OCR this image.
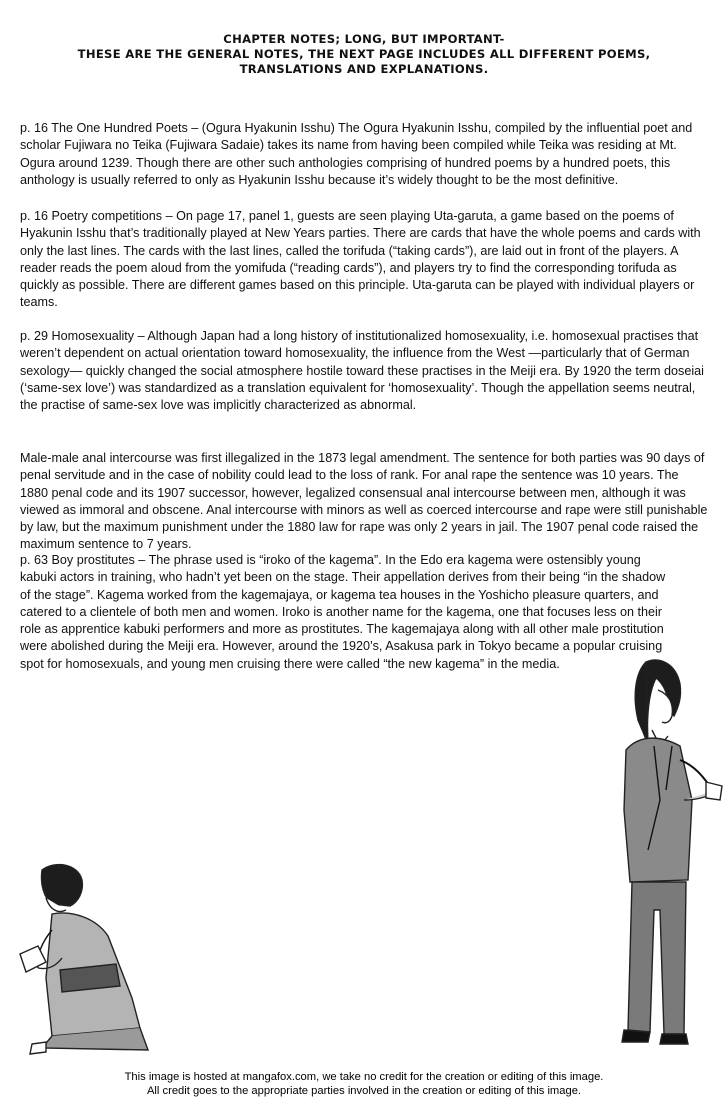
CHAPTER NOTES; LONG, BUT IMPORTANT-
THESE ARE THE GENERAL NOTES, THE NEXT PAGE INCLUDES ALL DIFFERENT POEMS,
TRANSLATIONS AND EXPLANATIONS.

p. 16 The One Hundred Poets – (Ogura Hyakunin Isshu) The Ogura Hyakunin Isshu, compiled by the influential poet and scholar Fujiwara no Teika (Fujiwara Sadaie) takes its name from having been compiled while Teika was residing at Mt. Ogura around 1239. Though there are other such anthologies comprising of hundred poems by a hundred poets, this anthology is usually referred to only as Hyakunin Isshu because it’s widely thought to be the most definitive.

p. 16 Poetry competitions – On page 17, panel 1, guests are seen playing Uta-garuta, a game based on the poems of Hyakunin Isshu that’s traditionally played at New Years parties. There are cards that have the whole poems and cards with only the last lines. The cards with the last lines, called the torifuda (“taking cards”), are laid out in front of the players. A reader reads the poem aloud from the yomifuda (“reading cards”), and players try to find the corresponding torifuda as quickly as possible. There are different games based on this principle. Uta-garuta can be played with individual players or teams.

p. 29 Homosexuality – Although Japan had a long history of institutionalized homosexuality, i.e. homosexual practises that weren’t dependent on actual orientation toward homosexuality, the influence from the West —particularly that of German sexology— quickly changed the social atmosphere hostile toward these practises in the Meiji era. By 1920 the term doseiai (‘same-sex love’) was standardized as a translation equivalent for ‘homosexuality’. Though the appellation seems neutral, the practise of same-sex love was implicitly characterized as abnormal.

Male-male anal intercourse was first illegalized in the 1873 legal amendment. The sentence for both parties was 90 days of penal servitude and in the case of nobility could lead to the loss of rank. For anal rape the sentence was 10 years. The 1880 penal code and its 1907 successor, however, legalized consensual anal intercourse between men, although it was viewed as immoral and obscene. Anal intercourse with minors as well as coerced intercourse and rape were still punishable by law, but the maximum punishment under the 1880 law for rape was only 2 years in jail. The 1907 penal code raised the maximum sentence to 7 years.

p. 63 Boy prostitutes – The phrase used is “iroko of the kagema”. In the Edo era kagema were ostensibly young kabuki actors in training, who hadn’t yet been on the stage. Their appellation derives from their being “in the shadow of the stage”. Kagema worked from the kagemajaya, or kagema tea houses in the Yoshicho pleasure quarters, and catered to a clientele of both men and women. Iroko is another name for the kagema, one that focuses less on their role as apprentice kabuki performers and more as prostitutes. The kagemajaya along with all other male prostitution were abolished during the Meiji era. However, around the 1920’s, Asakusa park in Tokyo became a popular cruising spot for homosexuals, and young men cruising there were called “the new kagema” in the media.

This image is hosted at mangafox.com, we take no credit for the creation or editing of this image.
All credit goes to the appropriate parties involved in the creation or editing of this image.
